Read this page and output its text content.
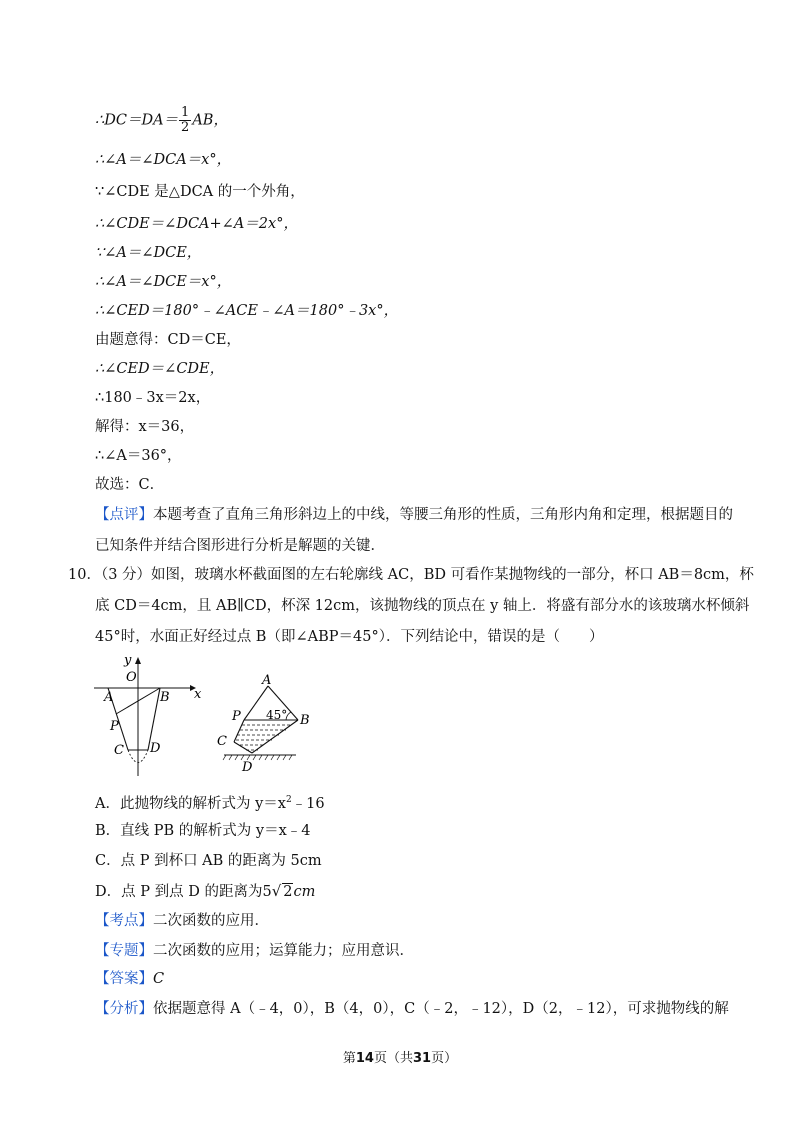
∴DC＝DA＝ $\frac{1}{2}$ AB，
∴∠A＝∠DCA＝x°，
∵∠CDE 是△DCA 的一个外角，
∴∠CDE＝∠DCA+∠A＝2x°，
∵∠A＝∠DCE，
∴∠A＝∠DCE＝x°，
∴∠CED＝180°﹣∠ACE﹣∠A＝180°﹣3x°，
由题意得：CD＝CE，
∴∠CED＝∠CDE，
∴180﹣3x＝2x，
解得：x＝36，
∴∠A＝36°，
故选：C．
【点评】本题考查了直角三角形斜边上的中线，等腰三角形的性质，三角形内角和定理，根据题目的
已知条件并结合图形进行分析是解题的关键．
10．（3 分）如图，玻璃水杯截面图的左右轮廓线 AC，BD 可看作某抛物线的一部分，杯口 AB＝8cm，杯
底 CD＝4cm，且 AB∥CD，杯深 12cm，该抛物线的顶点在 y 轴上．将盛有部分水的该玻璃水杯倾斜
45°时，水面正好经过点 B（即∠ABP＝45°）．下列结论中，错误的是（　　）
y
O
x
A	B
P
C D
A
P 45° B
C
D
A．此抛物线的解析式为 $y=x^2﹣16$
B．直线 PB 的解析式为 y＝x﹣4
C．点 P 到杯口 AB 的距离为 5cm
D．点 P 到点 D 的距离为5√ 2cm
【考点】二次函数的应用．
【专题】二次函数的应用；运算能力；应用意识．
【答案】C
【分析】依据题意得 A（﹣4，0），B（4，0），C（﹣2，﹣12），D（2，﹣12），可求抛物线的解
第14页（共31页）
